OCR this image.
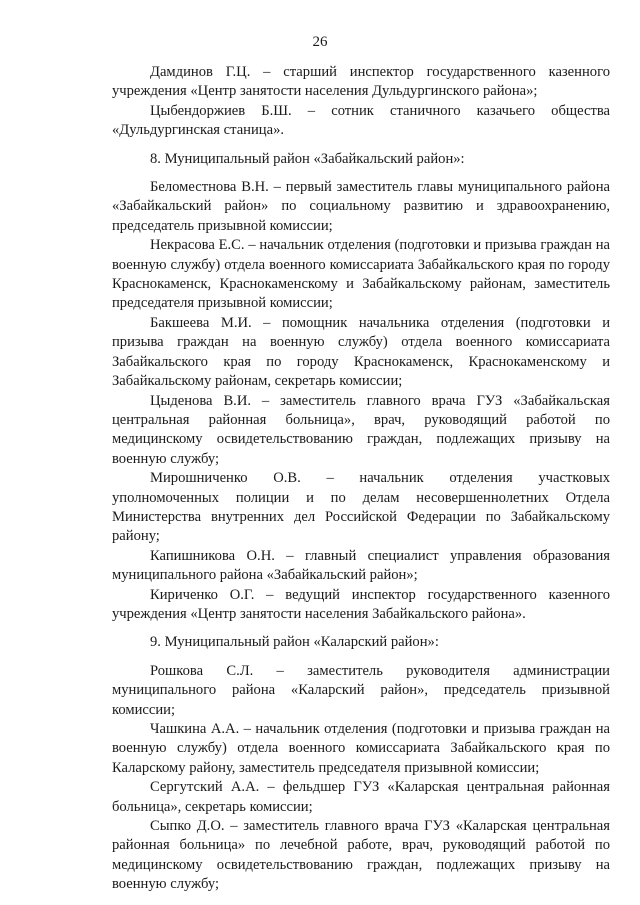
26

Дамдинов Г.Ц. – старший инспектор государственного казенного учреждения «Центр занятости населения Дульдургинского района»;

Цыбендоржиев Б.Ш. – сотник станичного казачьего общества «Дульдургинская станица».

8. Муниципальный район «Забайкальский район»:

Беломестнова В.Н. – первый заместитель главы муниципального района «Забайкальский район» по социальному развитию и здравоохранению, председатель призывной комиссии;

Некрасова Е.С. – начальник отделения (подготовки и призыва граждан на военную службу) отдела военного комиссариата Забайкальского края по городу Краснокаменск, Краснокаменскому и Забайкальскому районам, заместитель председателя призывной комиссии;

Бакшеева М.И. – помощник начальника отделения (подготовки и призыва граждан на военную службу) отдела военного комиссариата Забайкальского края по городу Краснокаменск, Краснокаменскому и Забайкальскому районам, секретарь комиссии;

Цыденова В.И. – заместитель главного врача ГУЗ «Забайкальская центральная районная больница», врач, руководящий работой по медицинскому освидетельствованию граждан, подлежащих призыву на военную службу;

Мирошниченко О.В. – начальник отделения участковых уполномоченных полиции и по делам несовершеннолетних Отдела Министерства внутренних дел Российской Федерации по Забайкальскому району;

Капишникова О.Н. – главный специалист управления образования муниципального района «Забайкальский район»;

Кириченко О.Г. – ведущий инспектор государственного казенного учреждения «Центр занятости населения Забайкальского района».

9. Муниципальный район «Каларский район»:

Рошкова С.Л. – заместитель руководителя администрации муниципального района «Каларский район», председатель призывной комиссии;

Чашкина А.А. – начальник отделения (подготовки и призыва граждан на военную службу) отдела военного комиссариата Забайкальского края по Каларскому району, заместитель председателя призывной комиссии;

Сергутский А.А. – фельдшер ГУЗ «Каларская центральная районная больница», секретарь комиссии;

Сыпко Д.О. – заместитель главного врача ГУЗ «Каларская центральная районная больница» по лечебной работе, врач, руководящий работой по медицинскому освидетельствованию граждан, подлежащих призыву на военную службу;
